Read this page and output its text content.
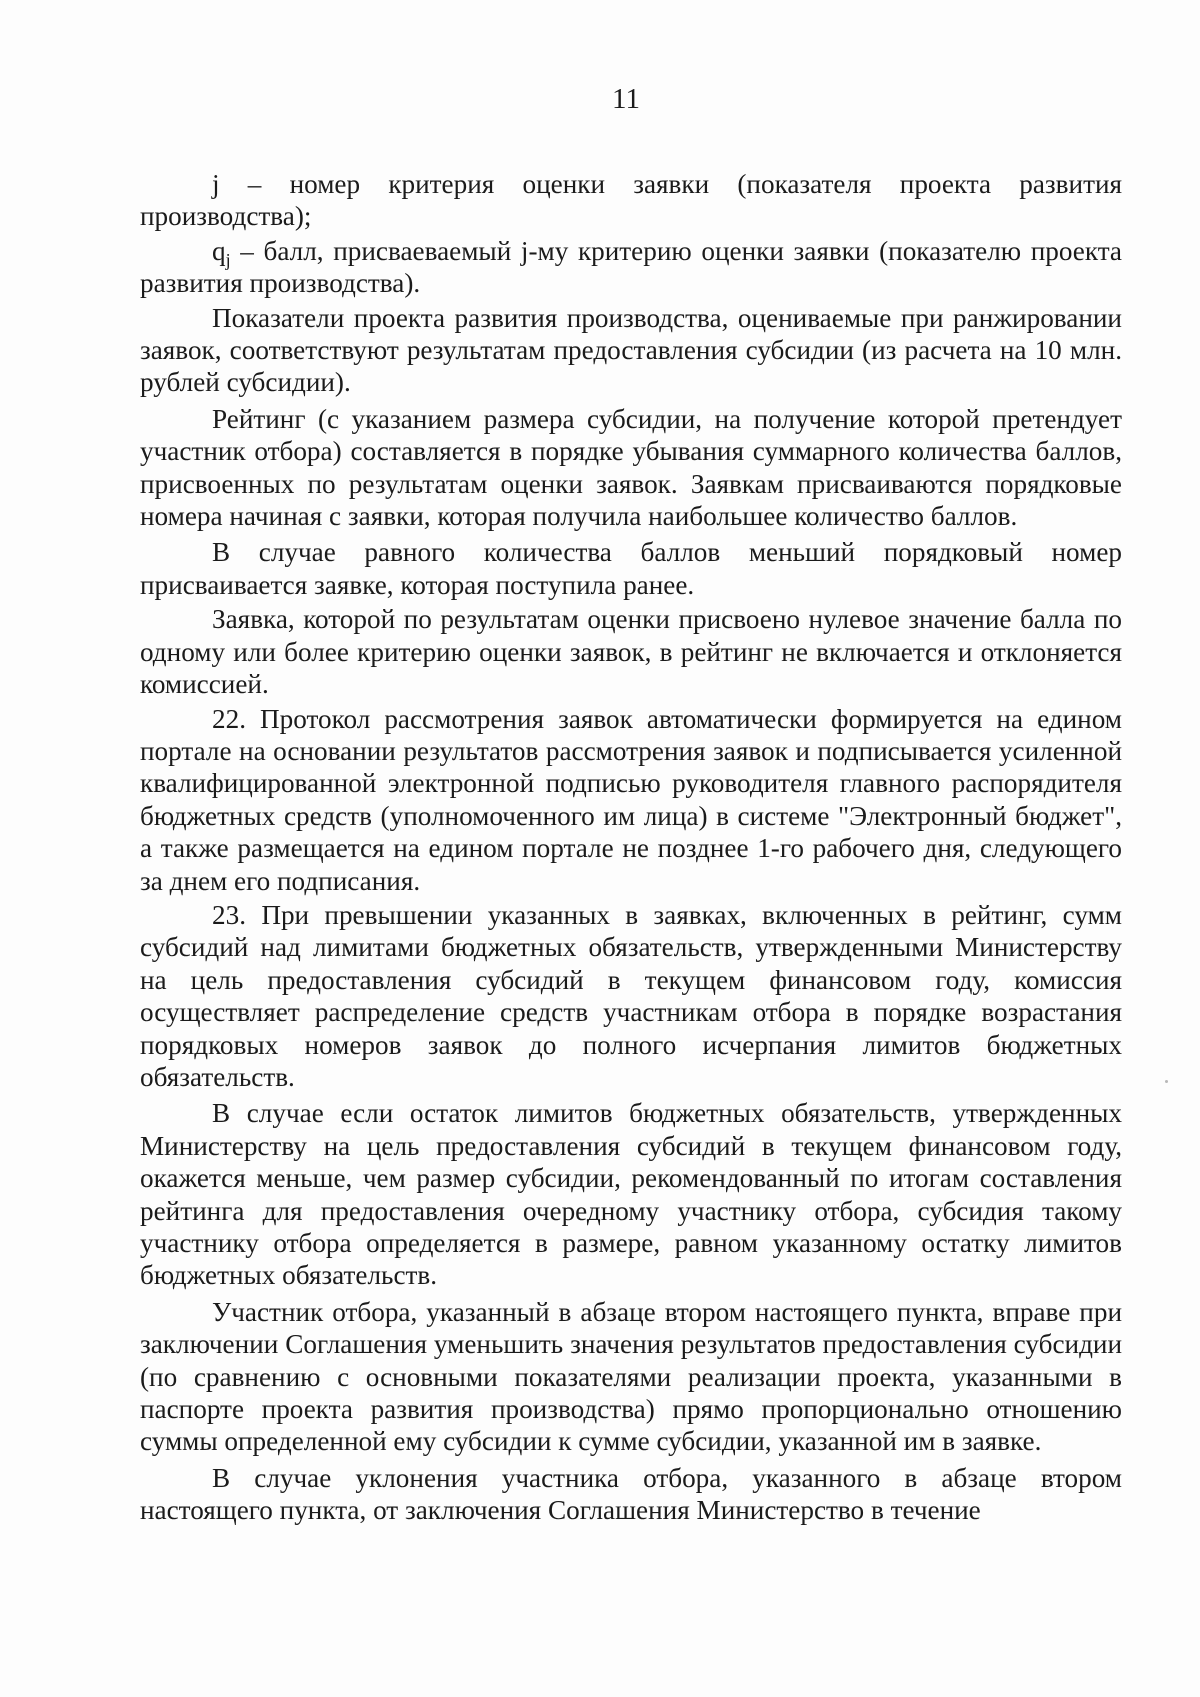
11

j – номер критерия оценки заявки (показателя проекта развития производства);

$q_j$ – балл, присваеваемый j-му критерию оценки заявки (показателю проекта развития производства).

Показатели проекта развития производства, оцениваемые при ранжировании заявок, соответствуют результатам предоставления субсидии (из расчета на 10 млн. рублей субсидии).

Рейтинг (с указанием размера субсидии, на получение которой претендует участник отбора) составляется в порядке убывания суммарного количества баллов, присвоенных по результатам оценки заявок. Заявкам присваиваются порядковые номера начиная с заявки, которая получила наибольшее количество баллов.

В случае равного количества баллов меньший порядковый номер присваивается заявке, которая поступила ранее.

Заявка, которой по результатам оценки присвоено нулевое значение балла по одному или более критерию оценки заявок, в рейтинг не включается и отклоняется комиссией.

22. Протокол рассмотрения заявок автоматически формируется на едином портале на основании результатов рассмотрения заявок и подписывается усиленной квалифицированной электронной подписью руководителя главного распорядителя бюджетных средств (уполномоченного им лица) в системе "Электронный бюджет", а также размещается на едином портале не позднее 1-го рабочего дня, следующего за днем его подписания.

23. При превышении указанных в заявках, включенных в рейтинг, сумм субсидий над лимитами бюджетных обязательств, утвержденными Министерству на цель предоставления субсидий в текущем финансовом году, комиссия осуществляет распределение средств участникам отбора в порядке возрастания порядковых номеров заявок до полного исчерпания лимитов бюджетных обязательств.

В случае если остаток лимитов бюджетных обязательств, утвержденных Министерству на цель предоставления субсидий в текущем финансовом году, окажется меньше, чем размер субсидии, рекомендованный по итогам составления рейтинга для предоставления очередному участнику отбора, субсидия такому участнику отбора определяется в размере, равном указанному остатку лимитов бюджетных обязательств.

Участник отбора, указанный в абзаце втором настоящего пункта, вправе при заключении Соглашения уменьшить значения результатов предоставления субсидии (по сравнению с основными показателями реализации проекта, указанными в паспорте проекта развития производства) прямо пропорционально отношению суммы определенной ему субсидии к сумме субсидии, указанной им в заявке.

В случае уклонения участника отбора, указанного в абзаце втором настоящего пункта, от заключения Соглашения Министерство в течение
